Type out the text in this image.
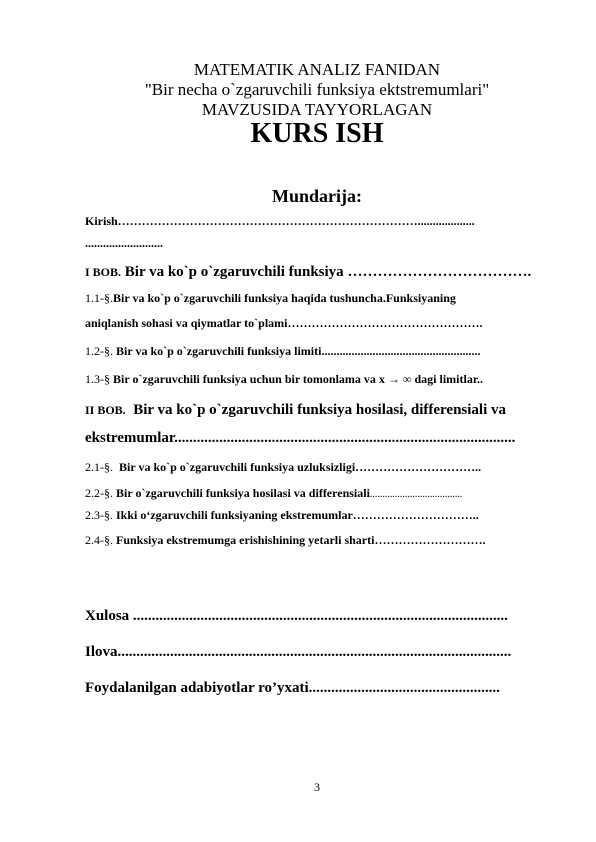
MATEMATIK ANALIZ FANIDAN
"Bir necha o`zgaruvchili funksiya ektstremumlari"
MAVZUSIDA TAYYORLAGAN
KURS ISH
Mundarija:
Kirish…………………………………………………………………...................
..........................
I BOB. Bir va ko`p o`zgaruvchili funksiya ……………………………….
1.1-§.Bir va ko`p o`zgaruvchili funksiya haqida tushuncha.Funksiyaning
aniqlanish sohasi va qiymatlar to`plami………………………………………….
1.2-§. Bir va ko`p o`zgaruvchili funksiya limiti.....................................................
1.3-§ Bir o`zgaruvchili funksiya uchun bir tomonlama va x → ∞ dagi limitlar..
II BOB. Bir va ko`p o`zgaruvchili funksiya hosilasi, differensiali va
ekstremumlar...........................................................................................
2.1-§. Bir va ko`p o`zgaruvchili funksiya uzluksizligi…………………………..
2.2-§. Bir o`zgaruvchili funksiya hosilasi va differensiali.....................................
2.3-§. Ikki oʻzgaruvchili funksiyaning ekstremumlar…………………………..
2.4-§. Funksiya ekstremumga erishishining yetarli sharti……………………….
Xulosa ....................................................................................................
Ilova.........................................................................................................
Foydalanilgan adabiyotlar ro’yxati...................................................
3
